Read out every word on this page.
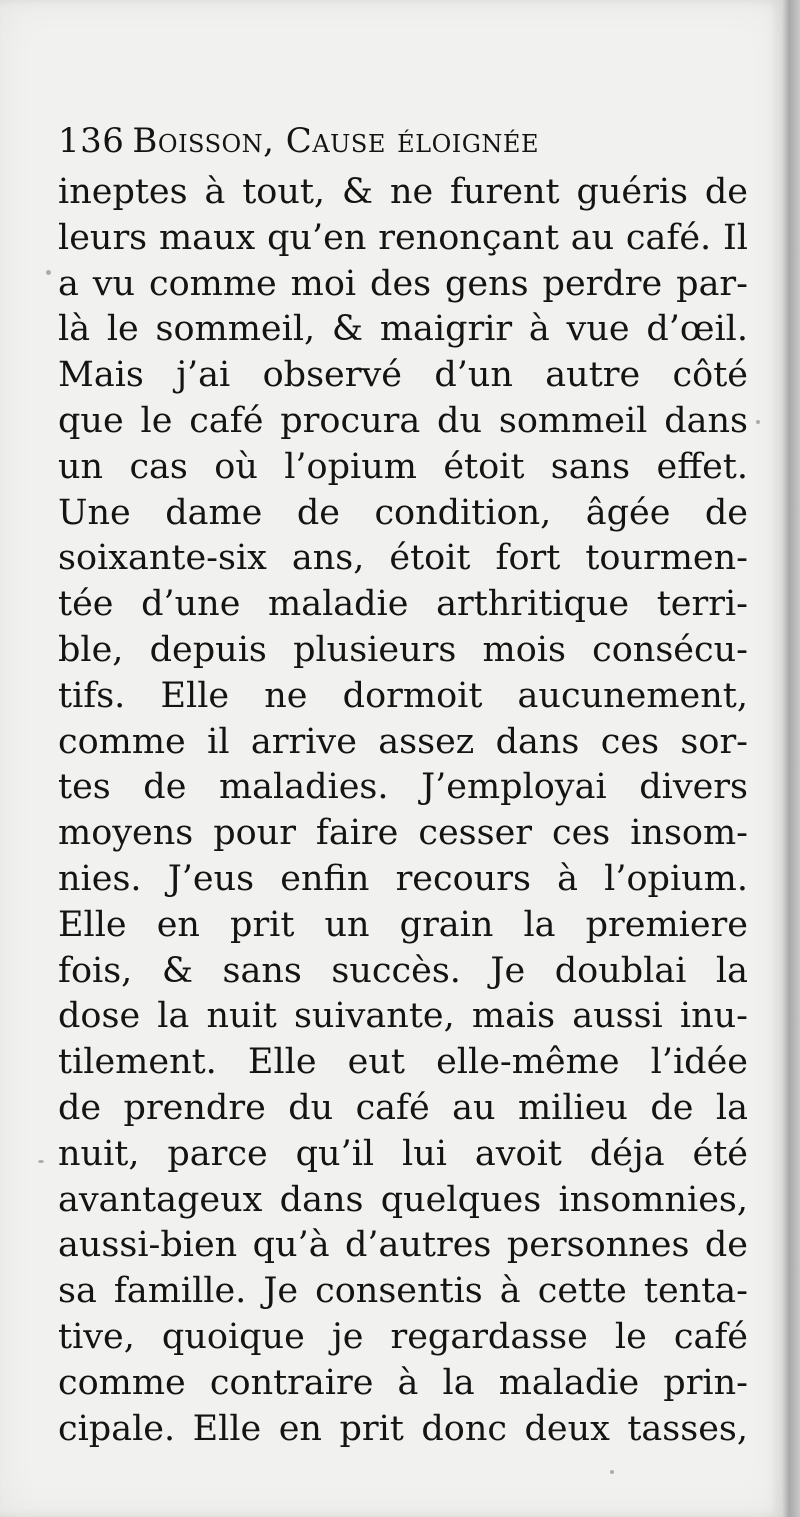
136 Boisson, Cause éloignée
ineptes à tout, & ne furent guéris de
leurs maux qu’en renonçant au café. Il
a vu comme moi des gens perdre par-
là le sommeil, & maigrir à vue d’œil.
Mais j’ai observé d’un autre côté
que le café procura du sommeil dans
un cas où l’opium étoit sans effet.
Une dame de condition, âgée de
soixante-six ans, étoit fort tourmen-
tée d’une maladie arthritique terri-
ble, depuis plusieurs mois consécu-
tifs. Elle ne dormoit aucunement,
comme il arrive assez dans ces sor-
tes de maladies. J’employai divers
moyens pour faire cesser ces insom-
nies. J’eus enfin recours à l’opium.
Elle en prit un grain la premiere
fois, & sans succès. Je doublai la
dose la nuit suivante, mais aussi inu-
tilement. Elle eut elle-même l’idée
de prendre du café au milieu de la
nuit, parce qu’il lui avoit déja été
avantageux dans quelques insomnies,
aussi-bien qu’à d’autres personnes de
sa famille. Je consentis à cette tenta-
tive, quoique je regardasse le café
comme contraire à la maladie prin-
cipale. Elle en prit donc deux tasses,
